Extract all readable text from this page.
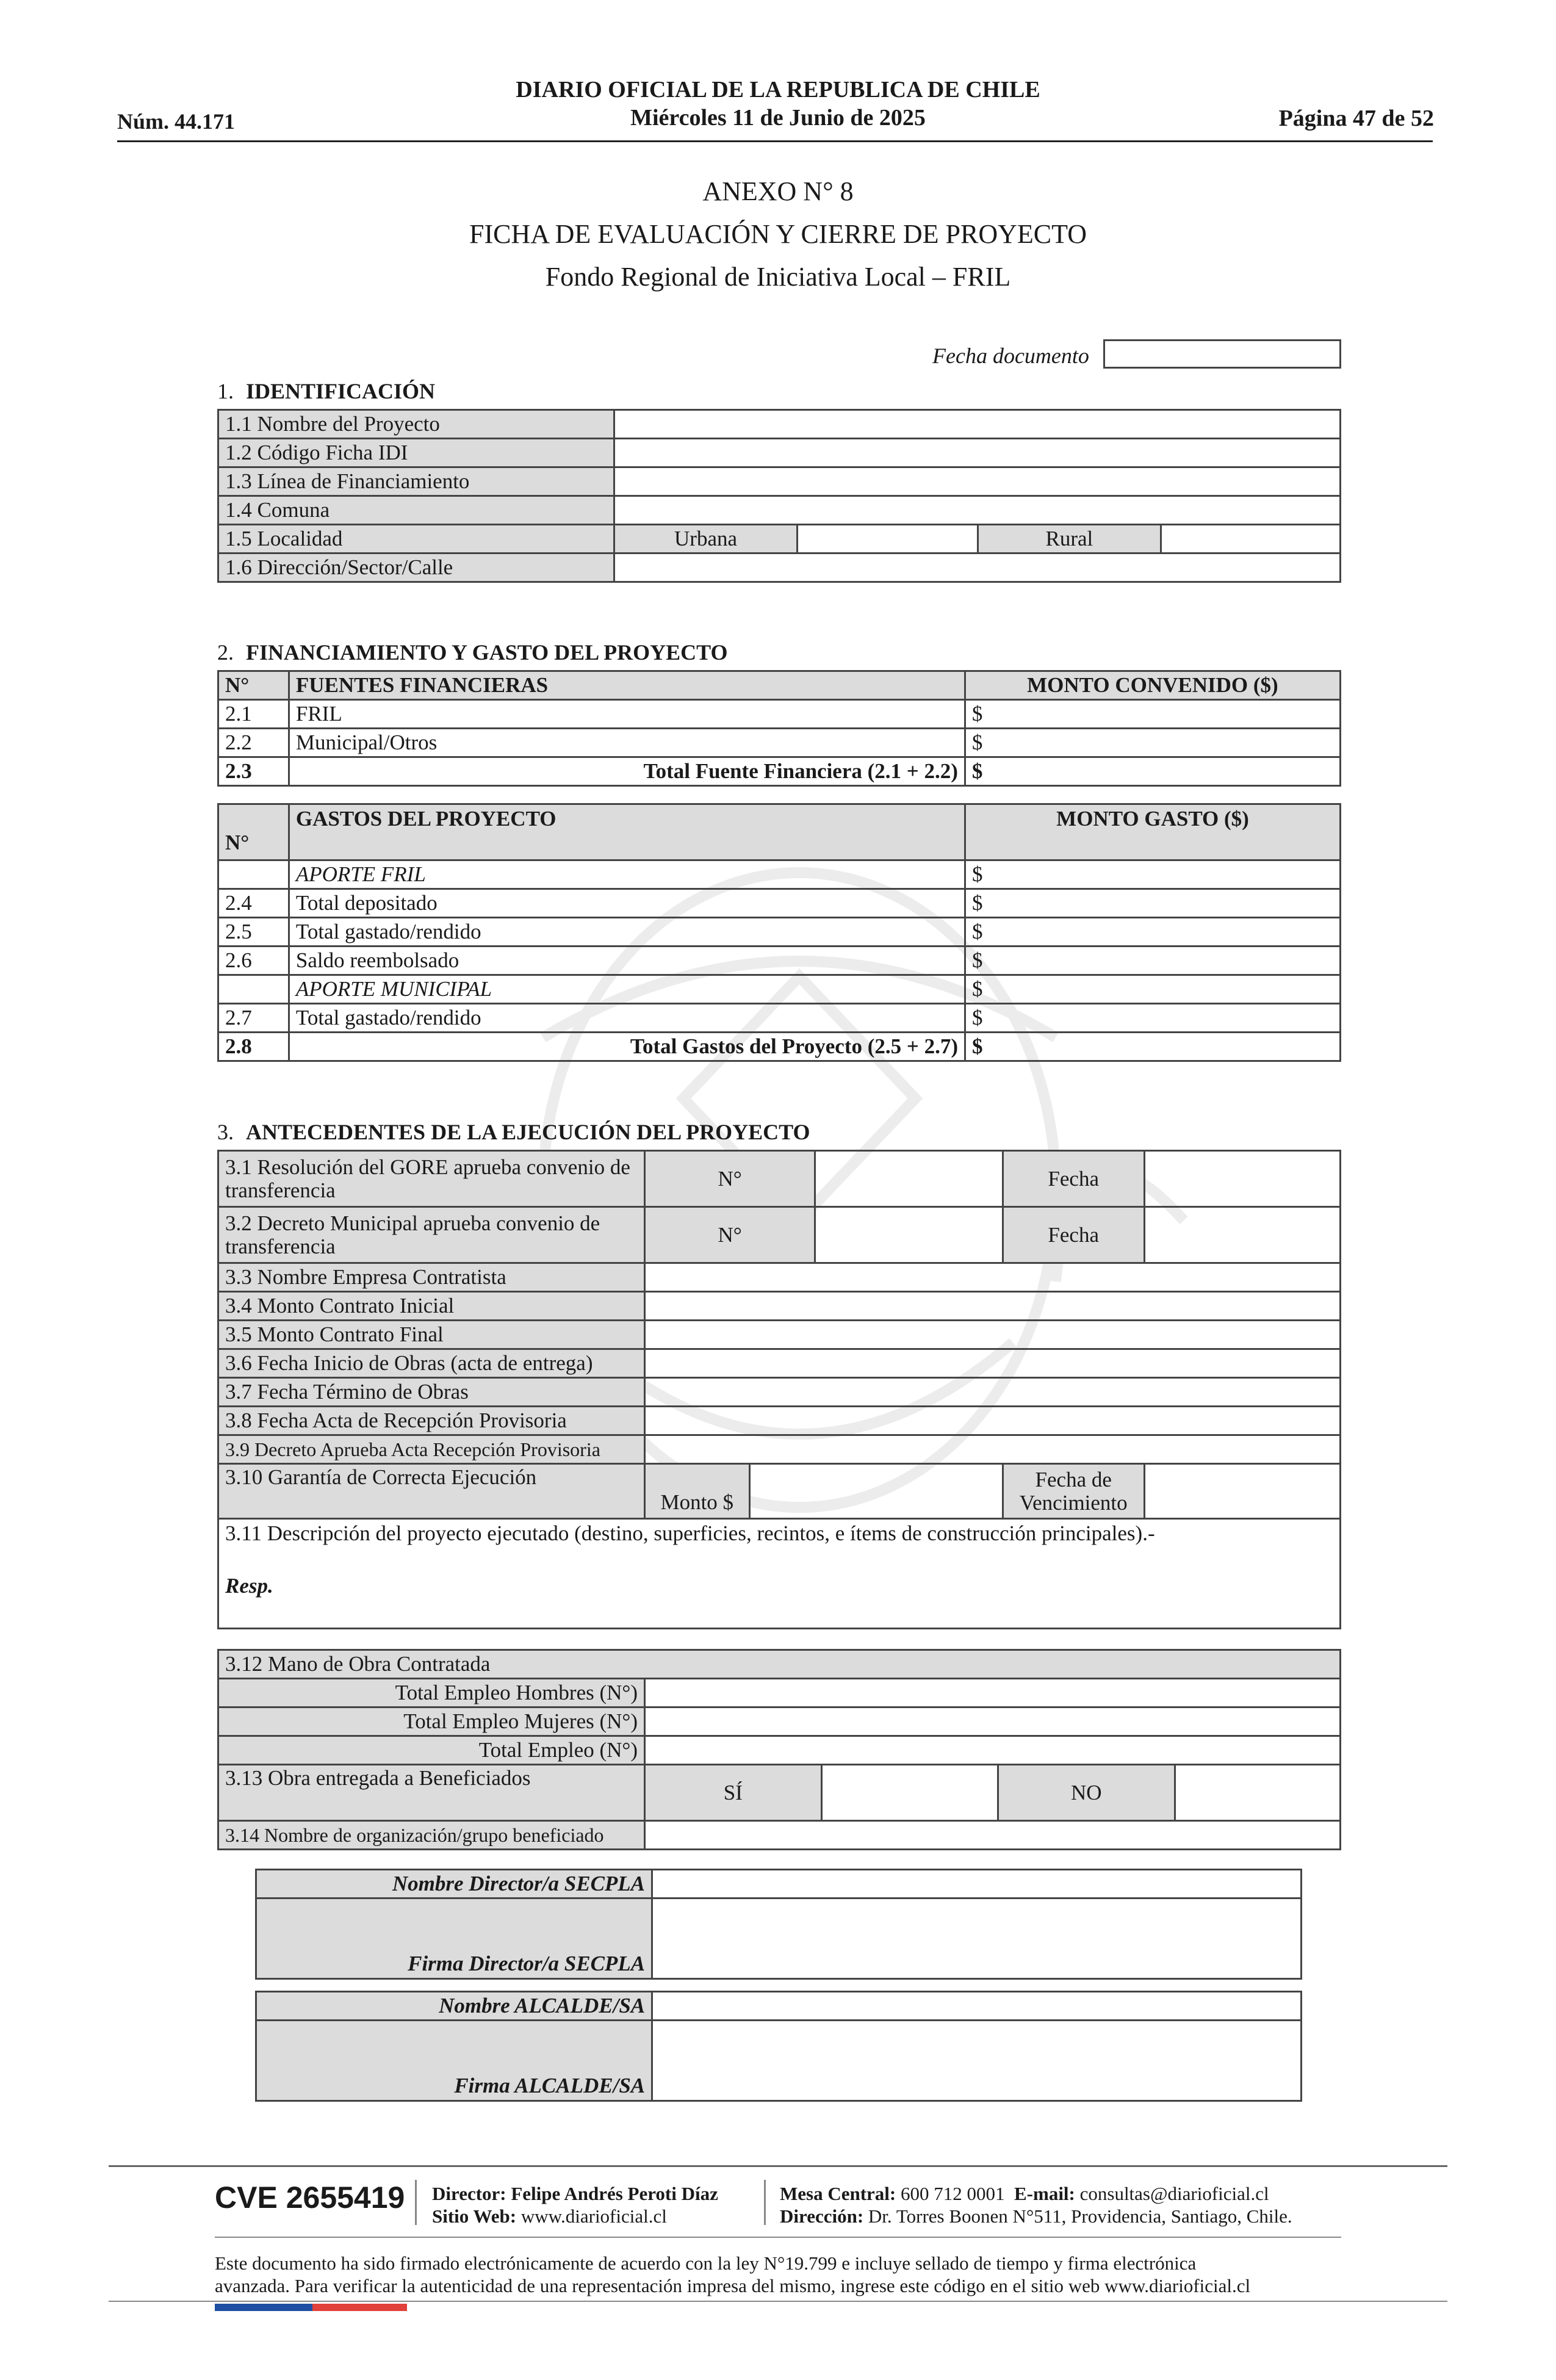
Núm. 44.171
DIARIO OFICIAL DE LA REPUBLICA DE CHILE
Miércoles 11 de Junio de 2025	Página 47 de 52
ANEXO N° 8
FICHA DE EVALUACIÓN Y CIERRE DE PROYECTO
Fondo Regional de Iniciativa Local – FRIL
Fecha documento
1. IDENTIFICACIÓN
1.1 Nombre del Proyecto				
1.2 Código Ficha IDI				
1.3 Línea de Financiamiento				
1.4 Comuna				
1.5 Localidad	Urbana		Rural	
1.6 Dirección/Sector/Calle				
2. FINANCIAMIENTO Y GASTO DEL PROYECTO
N°	FUENTES FINANCIERAS	MONTO CONVENIDO ($)
2.1	FRIL	$
2.2	Municipal/Otros	$
2.3	Total Fuente Financiera (2.1 + 2.2)	$
N°	GASTOS DEL PROYECTO	MONTO GASTO ($)
	APORTE FRIL	$
2.4	Total depositado	$
2.5	Total gastado/rendido	$
2.6	Saldo reembolsado	$
	APORTE MUNICIPAL	$
2.7	Total gastado/rendido	$
2.8	Total Gastos del Proyecto (2.5 + 2.7)	$
3. ANTECEDENTES DE LA EJECUCIÓN DEL PROYECTO
3.1 Resolución del GORE aprueba convenio de transferencia	N°			Fecha	
3.2 Decreto Municipal aprueba convenio de transferencia	N°			Fecha	
3.3 Nombre Empresa Contratista					
3.4 Monto Contrato Inicial					
3.5 Monto Contrato Final					
3.6 Fecha Inicio de Obras (acta de entrega)					
3.7 Fecha Término de Obras					
3.8 Fecha Acta de Recepción Provisoria					
3.9 Decreto Aprueba Acta Recepción Provisoria					
3.10 Garantía de Correcta Ejecución	Monto $			Fecha de Vencimiento	

3.11 Descripción del proyecto ejecutado (destino, superficies, recintos, e ítems de construcción principales).-
Resp.					
3.12 Mano de Obra Contratada				
Total Empleo Hombres (N°)				
Total Empleo Mujeres (N°)				
Total Empleo (N°)				
3.13 Obra entregada a Beneficiados	SÍ		NO	
3.14 Nombre de organización/grupo beneficiado				
Nombre Director/a SECPLA	
Firma Director/a SECPLA	
Nombre ALCALDE/SA	
Firma ALCALDE/SA	
CVE 2655419 Director: Felipe Andrés Peroti Díaz
Sitio Web: www.diarioficial.cl
Mesa Central: 600 712 0001 E-mail: consultas@diarioficial.cl
Dirección: Dr. Torres Boonen N°511, Providencia, Santiago, Chile.
Este documento ha sido firmado electrónicamente de acuerdo con la ley N°19.799 e incluye sellado de tiempo y firma electrónica
avanzada. Para verificar la autenticidad de una representación impresa del mismo, ingrese este código en el sitio web www.diarioficial.cl
